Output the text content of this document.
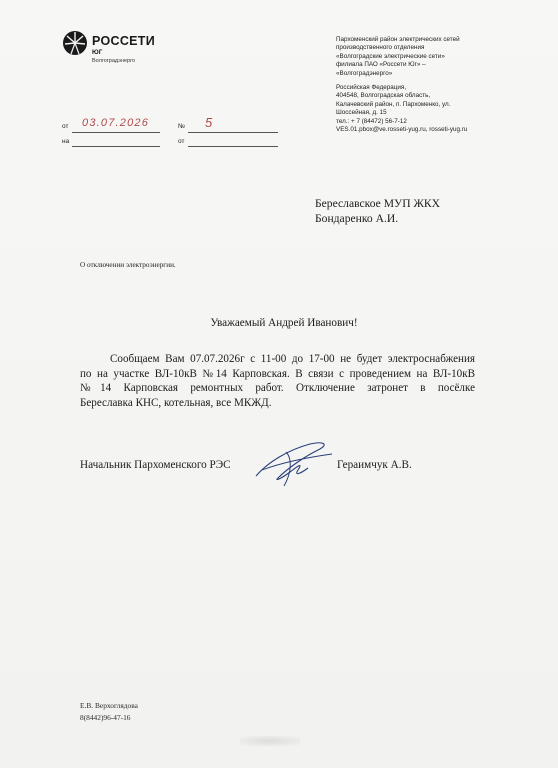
РОССЕТИ
ЮГ
Волгоградэнерго
Пархоменский район электрических сетей
производственного отделения
«Волгоградские электрические сети»
филиала ПАО «Россети Юг» –
«Волгоградэнерго»
Российская Федерация,
404548, Волгоградская область,
Калачевский район, п. Пархоменко, ул.
Шоссейная, д. 15
тел.: + 7 (84472) 56-7-12
VES.01.pbox@ve.rosseti-yug.ru, rosseti-yug.ru
от 03.07.2026	№ 5
на	от
Береславское МУП ЖКХ
Бондаренко А.И.
О отключении электроэнергии.
Уважаемый Андрей Иванович!
Сообщаем Вам 07.07.2026г с 11-00 до 17-00 не будет электроснабжения
по на участке ВЛ-10кВ №14 Карповская. В связи с проведением на ВЛ-10кВ
№14 Карповская ремонтных работ. Отключение затронет в посёлке
Береславка КНС, котельная, все МКЖД.
Начальник Пархоменского РЭС	Гераимчук А.В.
Е.В. Верхоглядова
8(8442)96-47-16
